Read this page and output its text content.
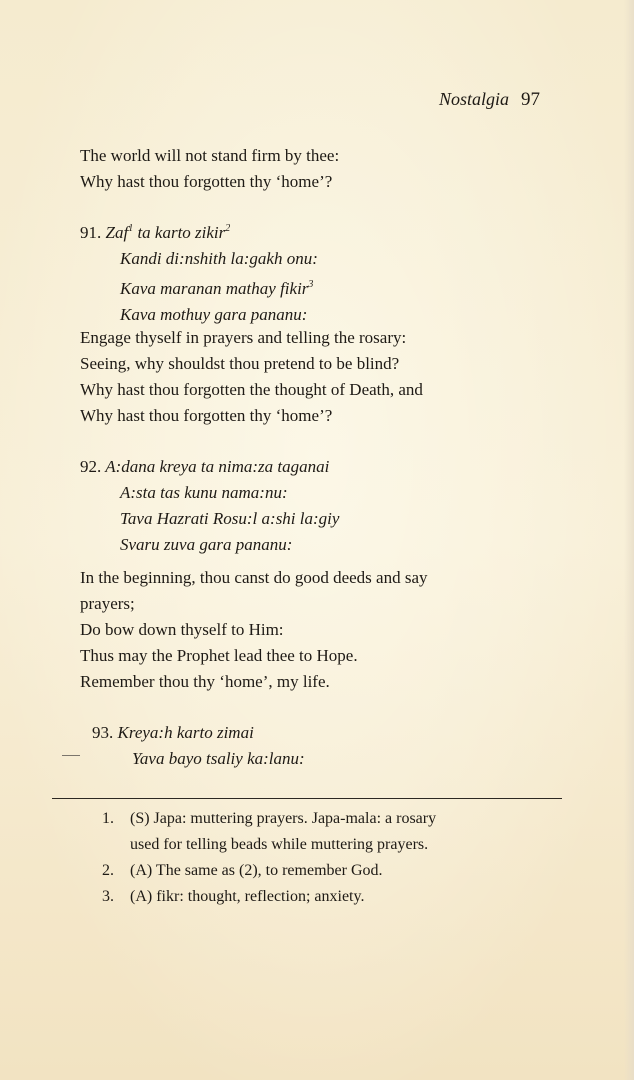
Nostalgia 97
The world will not stand firm by thee:
Why hast thou forgotten thy ‘home’?
91. Zaf$^1$ ta karto zikir$^2$
Kandi di:nshith la:gakh onu:
Kava maranan mathay fikir$^3$
Kava mothuy gara pananu:
Engage thyself in prayers and telling the rosary:
Seeing, why shouldst thou pretend to be blind?
Why hast thou forgotten the thought of Death, and
Why hast thou forgotten thy ‘home’?
92. A:dana kreya ta nima:za taganai
A:sta tas kunu nama:nu:
Tava Hazrati Rosu:l a:shi la:giy
Svaru zuva gara pananu:
In the beginning, thou canst do good deeds and say
prayers;
Do bow down thyself to Him:
Thus may the Prophet lead thee to Hope.
Remember thou thy ‘home’, my life.
93. Kreya:h karto zimai
Yava bayo tsaliy ka:lanu:
1.	(S) Japa: muttering prayers. Japa-mala: a rosary
used for telling beads while muttering prayers.
2.	(A) The same as (2), to remember God.
3.	(A) fikr: thought, reflection; anxiety.
